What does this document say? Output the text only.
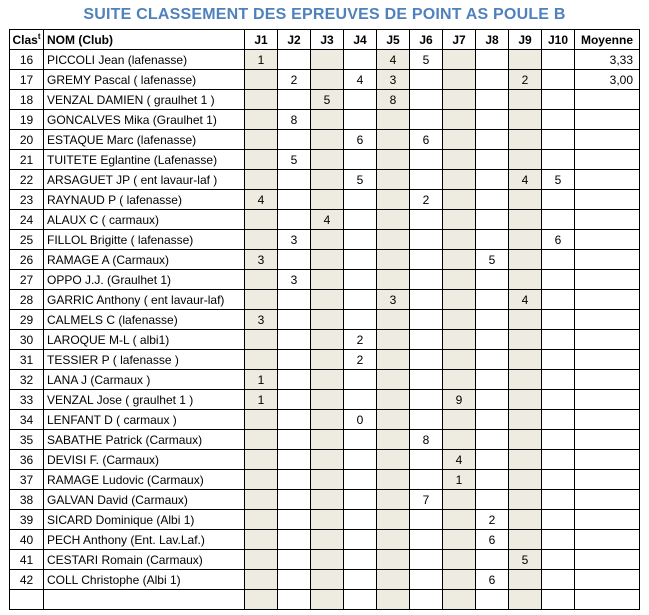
SUITE CLASSEMENT DES EPREUVES DE POINT AS POULE B
Clas$^t$	NOM (Club)	J1	J2	J3	J4	J5	J6	J7	J8	J9	J10	Moyenne
16	PICCOLI Jean (lafenasse)	1				4	5					3,33
17	GREMY Pascal ( lafenasse)		2		4	3				2		3,00
18	VENZAL DAMIEN ( graulhet 1 )			5		8						
19	GONCALVES Mika (Graulhet 1)		8									
20	ESTAQUE Marc (lafenasse)				6		6					
21	TUITETE Eglantine (Lafenasse)		5									
22	ARSAGUET JP ( ent lavaur-laf )				5					4	5	
23	RAYNAUD P ( lafenasse)	4					2					
24	ALAUX C ( carmaux)			4								
25	FILLOL Brigitte ( lafenasse)		3								6	
26	RAMAGE A (Carmaux)	3							5			
27	OPPO J.J. (Graulhet 1)		3									
28	GARRIC Anthony ( ent lavaur-laf)					3				4		
29	CALMELS C (lafenasse)	3										
30	LAROQUE M-L ( albi1)				2							
31	TESSIER P ( lafenasse )				2							
32	LANA J (Carmaux )	1										
33	VENZAL Jose ( graulhet 1 )	1						9				
34	LENFANT D ( carmaux )				0							
35	SABATHE Patrick (Carmaux)						8					
36	DEVISI F. (Carmaux)							4				
37	RAMAGE Ludovic (Carmaux)							1				
38	GALVAN David (Carmaux)						7					
39	SICARD Dominique (Albi 1)								2			
40	PECH Anthony (Ent. Lav.Laf.)								6			
41	CESTARI Romain (Carmaux)									5		
42	COLL Christophe (Albi 1)								6			
